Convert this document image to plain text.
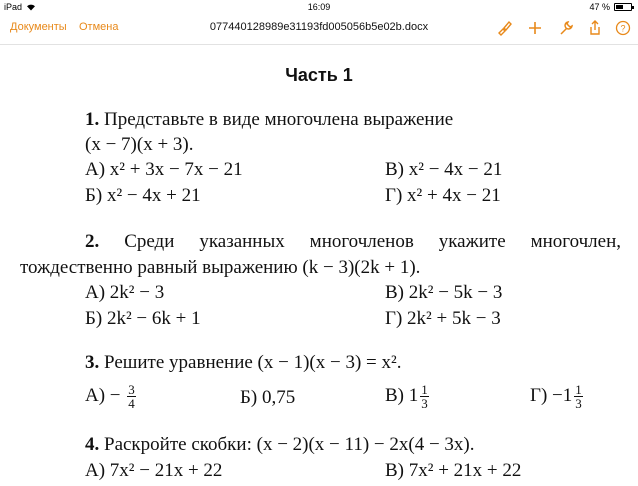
iPad	16:09	47 %
Документы Отмена	077440128989e31193fd005056b5e02b.docx	?
Часть 1
1. Представьте в виде многочлена выражение
(x − 7)(x + 3).
А) x² + 3x − 7x − 21	В) x² − 4x − 21
Б) x² − 4x + 21	Г) x² + 4x − 21
2. Среди указанных многочленов укажите многочлен,
тождественно равный выражению (k − 3)(2k + 1).
А) 2k² − 3	В) 2k² − 5k − 3
Б) 2k² − 6k + 1	Г) 2k² + 5k − 3
3. Решите уравнение (x − 1)(x − 3) = x².
$А) - \frac{3}{4}$	Б) 0,75	В) $1 \frac{1}{3}$	$Г) -1 \frac{1}{3}$
4. Раскройте скобки: (x − 2)(x − 11) − 2x(4 − 3x).
А) 7x² − 21x + 22	В) 7x² + 21x + 22
